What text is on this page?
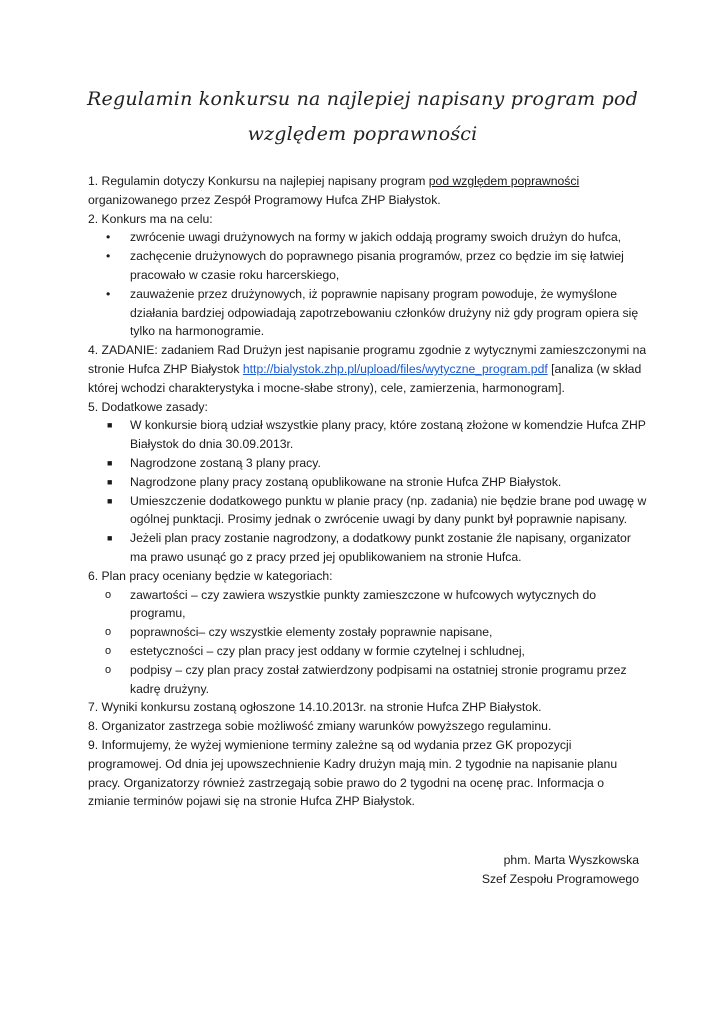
Regulamin konkursu na najlepiej napisany program pod
względem poprawności

1. Regulamin dotyczy Konkursu na najlepiej napisany program pod względem poprawności organizowanego przez Zespół Programowy Hufca ZHP Białystok.

2. Konkurs ma na celu:

• zwrócenie uwagi drużynowych na formy w jakich oddają programy swoich drużyn do hufca,
• zachęcenie drużynowych do poprawnego pisania programów, przez co będzie im się łatwiej pracowało w czasie roku harcerskiego,
• zauważenie przez drużynowych, iż poprawnie napisany program powoduje, że wymyślone działania bardziej odpowiadają zapotrzebowaniu członków drużyny niż gdy program opiera się tylko na harmonogramie.

4. ZADANIE: zadaniem Rad Drużyn jest napisanie programu zgodnie z wytycznymi zamieszczonymi na stronie Hufca ZHP Białystok http://bialystok.zhp.pl/upload/files/wytyczne_program.pdf [analiza (w skład której wchodzi charakterystyka i mocne-słabe strony), cele, zamierzenia, harmonogram].

5. Dodatkowe zasady:

■ W konkursie biorą udział wszystkie plany pracy, które zostaną złożone w komendzie Hufca ZHP Białystok do dnia 30.09.2013r.
■ Nagrodzone zostaną 3 plany pracy.
■ Nagrodzone plany pracy zostaną opublikowane na stronie Hufca ZHP Białystok.
■ Umieszczenie dodatkowego punktu w planie pracy (np. zadania) nie będzie brane pod uwagę w ogólnej punktacji. Prosimy jednak o zwrócenie uwagi by dany punkt był poprawnie napisany.
■ Jeżeli plan pracy zostanie nagrodzony, a dodatkowy punkt zostanie źle napisany, organizator ma prawo usunąć go z pracy przed jej opublikowaniem na stronie Hufca.

6. Plan pracy oceniany będzie w kategoriach:

o zawartości – czy zawiera wszystkie punkty zamieszczone w hufcowych wytycznych do programu,
o poprawności– czy wszystkie elementy zostały poprawnie napisane,
o estetyczności – czy plan pracy jest oddany w formie czytelnej i schludnej,
o podpisy – czy plan pracy został zatwierdzony podpisami na ostatniej stronie programu przez kadrę drużyny.

7. Wyniki konkursu zostaną ogłoszone 14.10.2013r. na stronie Hufca ZHP Białystok.

8. Organizator zastrzega sobie możliwość zmiany warunków powyższego regulaminu.

9. Informujemy, że wyżej wymienione terminy zależne są od wydania przez GK propozycji programowej. Od dnia jej upowszechnienie Kadry drużyn mają min. 2 tygodnie na napisanie planu pracy. Organizatorzy również zastrzegają sobie prawo do 2 tygodni na ocenę prac. Informacja o zmianie terminów pojawi się na stronie Hufca ZHP Białystok.

phm. Marta Wyszkowska
Szef Zespołu Programowego
